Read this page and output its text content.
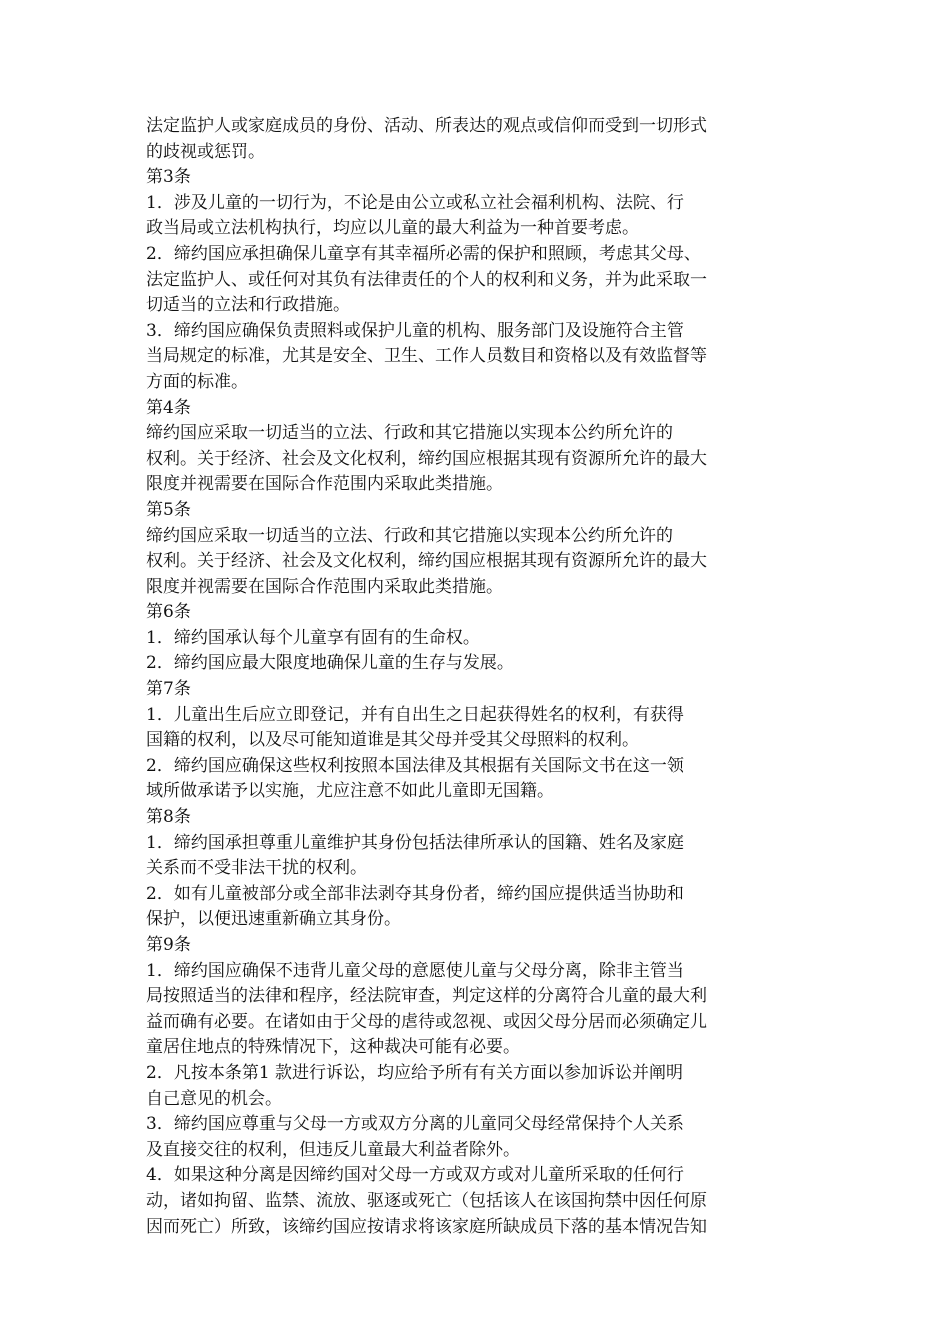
法定监护人或家庭成员的身份、活动、所表达的观点或信仰而受到一切形式
的歧视或惩罚。
第3条
1．涉及儿童的一切行为，不论是由公立或私立社会福利机构、法院、行
政当局或立法机构执行，均应以儿童的最大利益为一种首要考虑。
2．缔约国应承担确保儿童享有其幸福所必需的保护和照顾，考虑其父母、
法定监护人、或任何对其负有法律责任的个人的权利和义务，并为此采取一
切适当的立法和行政措施。
3．缔约国应确保负责照料或保护儿童的机构、服务部门及设施符合主管
当局规定的标准，尤其是安全、卫生、工作人员数目和资格以及有效监督等
方面的标准。
第4条
缔约国应采取一切适当的立法、行政和其它措施以实现本公约所允许的
权利。关于经济、社会及文化权利，缔约国应根据其现有资源所允许的最大
限度并视需要在国际合作范围内采取此类措施。
第5条
缔约国应采取一切适当的立法、行政和其它措施以实现本公约所允许的
权利。关于经济、社会及文化权利，缔约国应根据其现有资源所允许的最大
限度并视需要在国际合作范围内采取此类措施。
第6条
1．缔约国承认每个儿童享有固有的生命权。
2．缔约国应最大限度地确保儿童的生存与发展。
第7条
1．儿童出生后应立即登记，并有自出生之日起获得姓名的权利，有获得
国籍的权利，以及尽可能知道谁是其父母并受其父母照料的权利。
2．缔约国应确保这些权利按照本国法律及其根据有关国际文书在这一领
域所做承诺予以实施，尤应注意不如此儿童即无国籍。
第8条
1．缔约国承担尊重儿童维护其身份包括法律所承认的国籍、姓名及家庭
关系而不受非法干扰的权利。
2．如有儿童被部分或全部非法剥夺其身份者，缔约国应提供适当协助和
保护，以便迅速重新确立其身份。
第9条
1．缔约国应确保不违背儿童父母的意愿使儿童与父母分离，除非主管当
局按照适当的法律和程序，经法院审查，判定这样的分离符合儿童的最大利
益而确有必要。在诸如由于父母的虐待或忽视、或因父母分居而必须确定儿
童居住地点的特殊情况下，这种裁决可能有必要。
2．凡按本条第1 款进行诉讼，均应给予所有有关方面以参加诉讼并阐明
自己意见的机会。
3．缔约国应尊重与父母一方或双方分离的儿童同父母经常保持个人关系
及直接交往的权利，但违反儿童最大利益者除外。
4．如果这种分离是因缔约国对父母一方或双方或对儿童所采取的任何行
动，诸如拘留、监禁、流放、驱逐或死亡（包括该人在该国拘禁中因任何原
因而死亡）所致，该缔约国应按请求将该家庭所缺成员下落的基本情况告知
